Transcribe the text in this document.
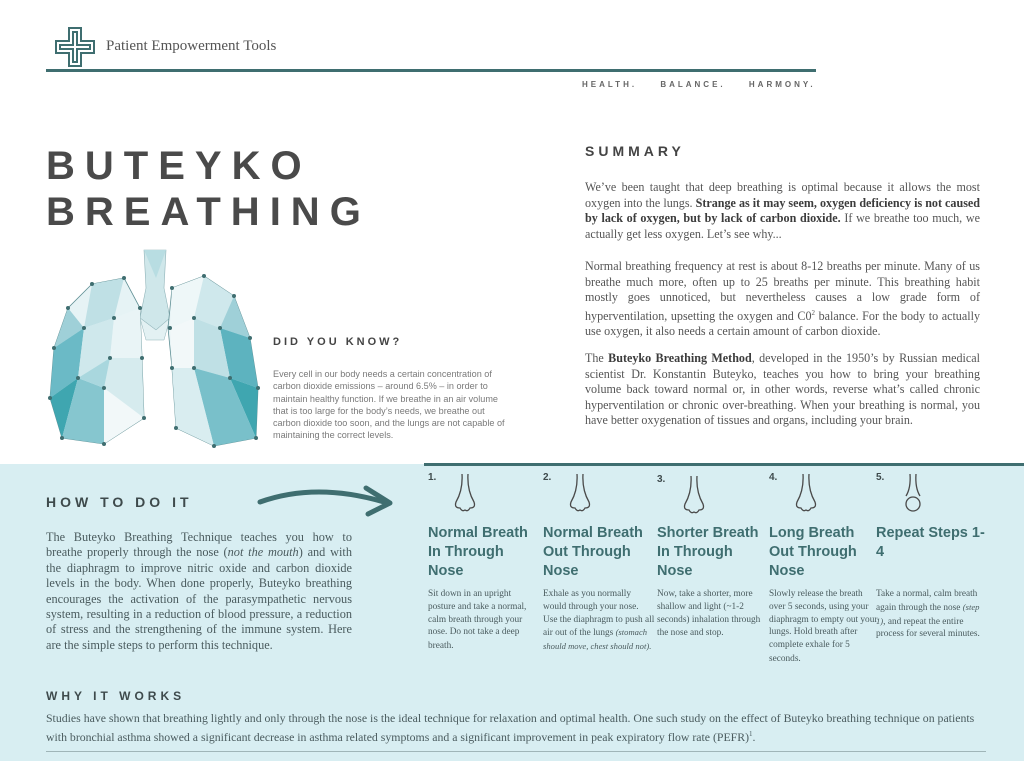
Patient Empowerment Tools
HEALTH.	BALANCE.	HARMONY.
BUTEYKO
BREATHING
DID YOU KNOW?
Every cell in our body needs a certain concentration of carbon dioxide emissions – around 6.5% – in order to maintain healthy function. If we breathe in an air volume that is too large for the body’s needs, we breathe out carbon dioxide too soon, and the lungs are not capable of maintaining the correct levels.
SUMMARY

We’ve been taught that deep breathing is optimal because it allows the most oxygen into the lungs. Strange as it may seem, oxygen deficiency is not caused by lack of oxygen, but by lack of carbon dioxide. If we breathe too much, we actually get less oxygen. Let’s see why...

Normal breathing frequency at rest is about 8-12 breaths per minute. Many of us breathe much more, often up to 25 breaths per minute. This breathing habit mostly goes unnoticed, but nevertheless causes a low grade form of hyperventilation, upsetting the oxygen and $C0^2$ balance. For the body to actually use oxygen, it also needs a certain amount of carbon dioxide.

The Buteyko Breathing Method, developed in the 1950’s by Russian medical scientist Dr. Konstantin Buteyko, teaches you how to bring your breathing volume back toward normal or, in other words, reverse what’s called chronic hyperventilation or chronic over-breathing. When your breathing is normal, you have better oxygenation of tissues and organs, including your brain.

HOW TO DO IT
The Buteyko Breathing Technique teaches you how to breathe properly through the nose (not the mouth) and with the diaphragm to improve nitric oxide and carbon dioxide levels in the body. When done properly, Buteyko breathing encourages the activation of the parasympathetic nervous system, resulting in a reduction of blood pressure, a reduction of stress and the strengthening of the immune system. Here are the simple steps to perform this technique.
1.
Normal Breath In Through Nose
Sit down in an upright posture and take a normal, calm breath through your nose. Do not take a deep breath.
2.
Normal Breath Out Through Nose
Exhale as you normally would through your nose. Use the diaphragm to push all air out of the lungs (stomach should move, chest should not).
3.
Shorter Breath In Through Nose
Now, take a shorter, more shallow and light (~1-2 seconds) inhalation through the nose and stop.
4.
Long Breath Out Through Nose
Slowly release the breath over 5 seconds, using your diaphragm to empty out your lungs. Hold breath after complete exhale for 5 seconds.
5.
Repeat Steps 1-4
Take a normal, calm breath again through the nose (step 1), and repeat the entire process for several minutes.
WHY IT WORKS
Studies have shown that breathing lightly and only through the nose is the ideal technique for relaxation and optimal health. One such study on the effect of Buteyko breathing technique on patients with bronchial asthma showed a significant decrease in asthma related symptoms and a significant improvement in peak expiratory flow rate (PEFR)$^1$.
